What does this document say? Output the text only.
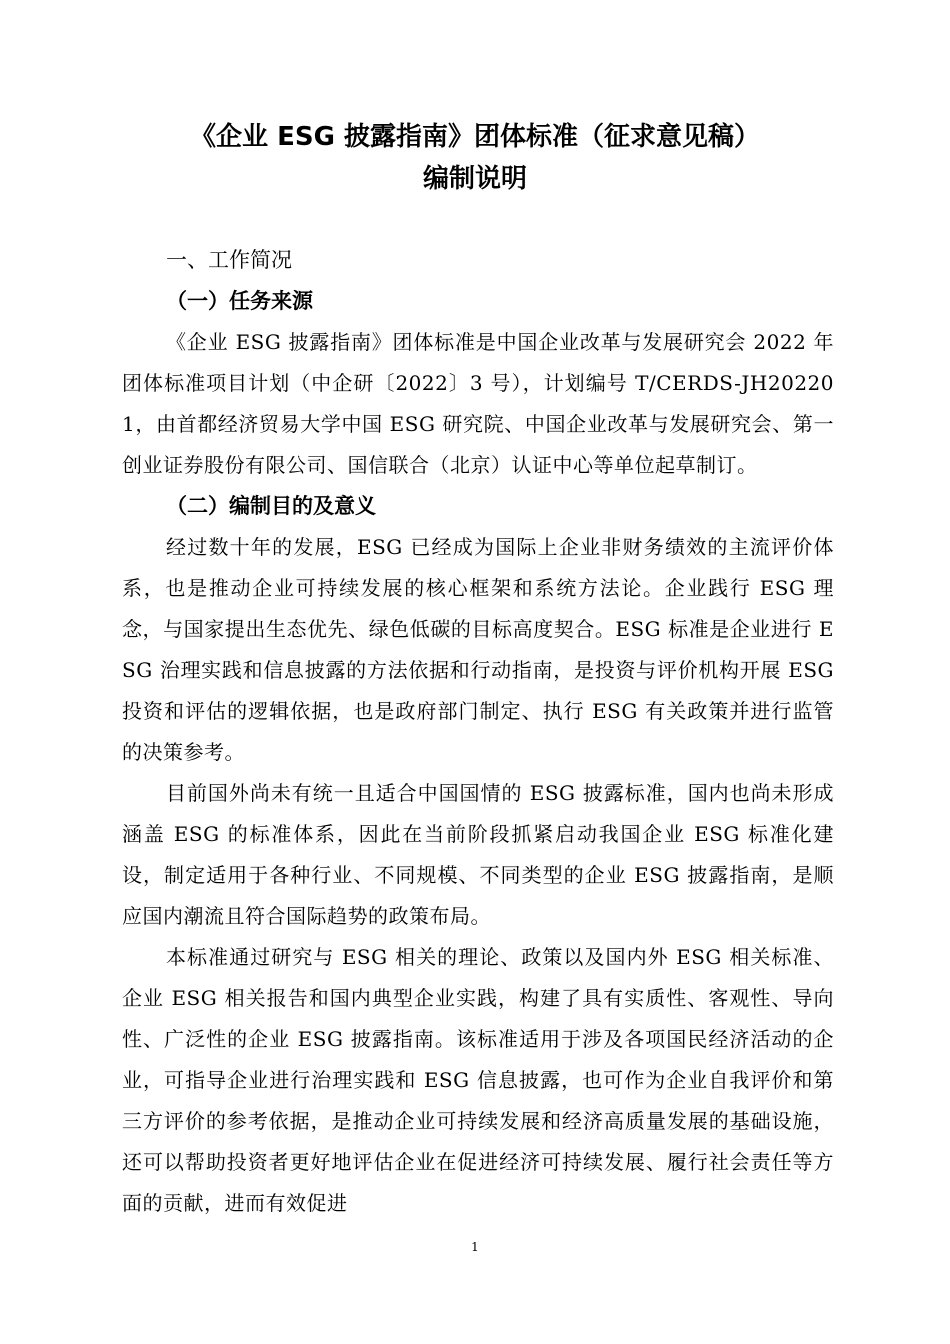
《企业 ESG 披露指南》团体标准（征求意见稿）
编制说明
一、工作简况
（一）任务来源

《企业 ESG 披露指南》团体标准是中国企业改革与发展研究会 2022 年团体标准项目计划（中企研〔2022〕3 号），计划编号 T/CERDS-JH202201，由首都经济贸易大学中国 ESG 研究院、中国企业改革与发展研究会、第一创业证券股份有限公司、国信联合（北京）认证中心等单位起草制订。

（二）编制目的及意义

经过数十年的发展，ESG 已经成为国际上企业非财务绩效的主流评价体系，也是推动企业可持续发展的核心框架和系统方法论。企业践行 ESG 理念，与国家提出生态优先、绿色低碳的目标高度契合。ESG 标准是企业进行 ESG 治理实践和信息披露的方法依据和行动指南，是投资与评价机构开展 ESG 投资和评估的逻辑依据，也是政府部门制定、执行 ESG 有关政策并进行监管的决策参考。

目前国外尚未有统一且适合中国国情的 ESG 披露标准，国内也尚未形成涵盖 ESG 的标准体系，因此在当前阶段抓紧启动我国企业 ESG 标准化建设，制定适用于各种行业、不同规模、不同类型的企业 ESG 披露指南，是顺应国内潮流且符合国际趋势的政策布局。

本标准通过研究与 ESG 相关的理论、政策以及国内外 ESG 相关标准、企业 ESG 相关报告和国内典型企业实践，构建了具有实质性、客观性、导向性、广泛性的企业 ESG 披露指南。该标准适用于涉及各项国民经济活动的企业，可指导企业进行治理实践和 ESG 信息披露，也可作为企业自我评价和第三方评价的参考依据，是推动企业可持续发展和经济高质量发展的基础设施，还可以帮助投资者更好地评估企业在促进经济可持续发展、履行社会责任等方面的贡献，进而有效促进

1
